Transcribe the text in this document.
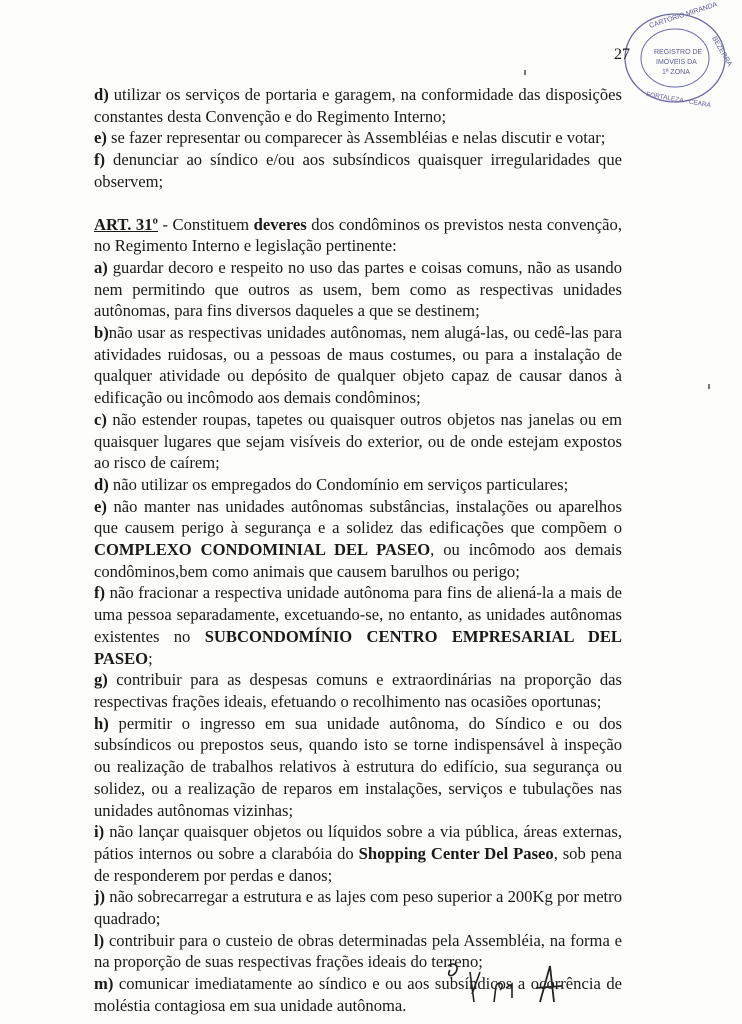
CARTÓRIO MIRANDA
BEZERRA
REGISTRO DE
IMÓVEIS DA
1ª ZONA
FORTALEZA - CEARÁ
27

d) utilizar os serviços de portaria e garagem, na conformidade das disposições constantes desta Convenção e do Regimento Interno;

e) se fazer representar ou comparecer às Assembléias e nelas discutir e votar;

f) denunciar ao síndico e/ou aos subsíndicos quaisquer irregularidades que observem;

ART. 31º - Constituem deveres dos condôminos os previstos nesta convenção, no Regimento Interno e legislação pertinente:

a) guardar decoro e respeito no uso das partes e coisas comuns, não as usando nem permitindo que outros as usem, bem como as respectivas unidades autônomas, para fins diversos daqueles a que se destinem;

b)não usar as respectivas unidades autônomas, nem alugá-las, ou cedê-las para atividades ruidosas, ou a pessoas de maus costumes, ou para a instalação de qualquer atividade ou depósito de qualquer objeto capaz de causar danos à edificação ou incômodo aos demais condôminos;

c) não estender roupas, tapetes ou quaisquer outros objetos nas janelas ou em quaisquer lugares que sejam visíveis do exterior, ou de onde estejam expostos ao risco de caírem;

d) não utilizar os empregados do Condomínio em serviços particulares;

e) não manter nas unidades autônomas substâncias, instalações ou aparelhos que causem perigo à segurança e a solidez das edificações que compõem o COMPLEXO CONDOMINIAL DEL PASEO, ou incômodo aos demais condôminos,bem como animais que causem barulhos ou perigo;

f) não fracionar a respectiva unidade autônoma para fins de aliená-la a mais de uma pessoa separadamente, excetuando-se, no entanto, as unidades autônomas existentes no SUBCONDOMÍNIO CENTRO EMPRESARIAL DEL PASEO;

g) contribuir para as despesas comuns e extraordinárias na proporção das respectivas frações ideais, efetuando o recolhimento nas ocasiões oportunas;

h) permitir o ingresso em sua unidade autônoma, do Síndico e ou dos subsíndicos ou prepostos seus, quando isto se torne indispensável à inspeção ou realização de trabalhos relativos à estrutura do edifício, sua segurança ou solidez, ou a realização de reparos em instalações, serviços e tubulações nas unidades autônomas vizinhas;

i) não lançar quaisquer objetos ou líquidos sobre a via pública, áreas externas, pátios internos ou sobre a clarabóia do Shopping Center Del Paseo, sob pena de responderem por perdas e danos;

j) não sobrecarregar a estrutura e as lajes com peso superior a 200Kg por metro quadrado;

l) contribuir para o custeio de obras determinadas pela Assembléia, na forma e na proporção de suas respectivas frações ideais do terreno;

m) comunicar imediatamente ao síndico e ou aos subsíndicos a ocorrência de moléstia contagiosa em sua unidade autônoma.
